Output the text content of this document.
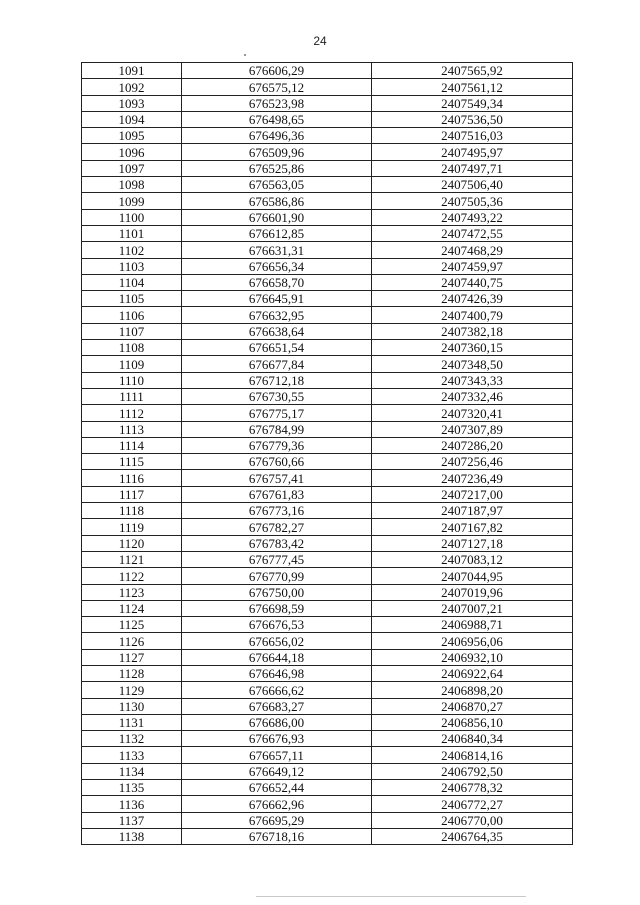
24
1091	676606,29	2407565,92
1092	676575,12	2407561,12
1093	676523,98	2407549,34
1094	676498,65	2407536,50
1095	676496,36	2407516,03
1096	676509,96	2407495,97
1097	676525,86	2407497,71
1098	676563,05	2407506,40
1099	676586,86	2407505,36
1100	676601,90	2407493,22
1101	676612,85	2407472,55
1102	676631,31	2407468,29
1103	676656,34	2407459,97
1104	676658,70	2407440,75
1105	676645,91	2407426,39
1106	676632,95	2407400,79
1107	676638,64	2407382,18
1108	676651,54	2407360,15
1109	676677,84	2407348,50
1110	676712,18	2407343,33
1111	676730,55	2407332,46
1112	676775,17	2407320,41
1113	676784,99	2407307,89
1114	676779,36	2407286,20
1115	676760,66	2407256,46
1116	676757,41	2407236,49
1117	676761,83	2407217,00
1118	676773,16	2407187,97
1119	676782,27	2407167,82
1120	676783,42	2407127,18
1121	676777,45	2407083,12
1122	676770,99	2407044,95
1123	676750,00	2407019,96
1124	676698,59	2407007,21
1125	676676,53	2406988,71
1126	676656,02	2406956,06
1127	676644,18	2406932,10
1128	676646,98	2406922,64
1129	676666,62	2406898,20
1130	676683,27	2406870,27
1131	676686,00	2406856,10
1132	676676,93	2406840,34
1133	676657,11	2406814,16
1134	676649,12	2406792,50
1135	676652,44	2406778,32
1136	676662,96	2406772,27
1137	676695,29	2406770,00
1138	676718,16	2406764,35
